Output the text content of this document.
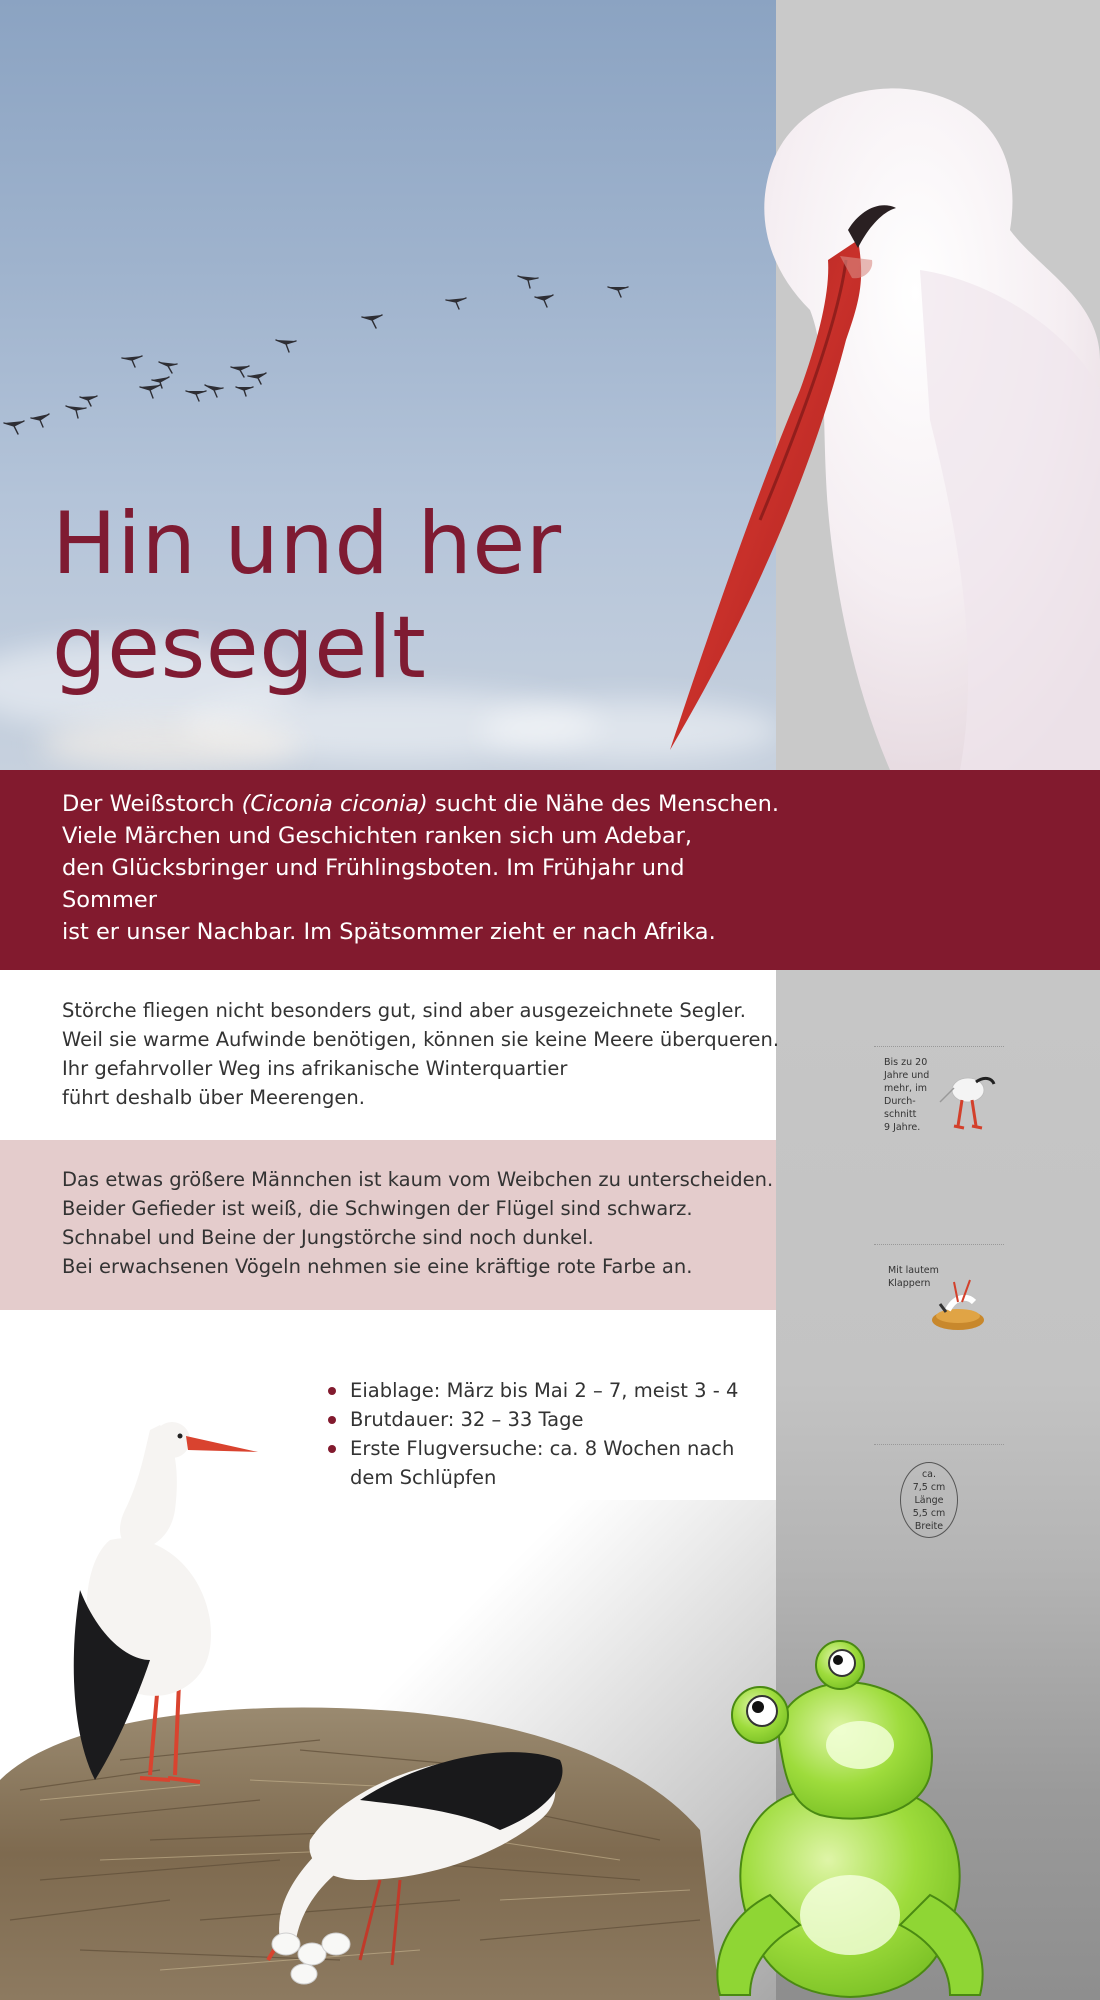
Hin und her
gesegelt

Der Weißstorch (Ciconia ciconia) sucht die Nähe des Menschen.

Viele Märchen und Geschichten ranken sich um Adebar,

den Glücksbringer und Frühlingsboten. Im Frühjahr und Sommer

ist er unser Nachbar. Im Spätsommer zieht er nach Afrika.

Störche fliegen nicht besonders gut, sind aber ausgezeichnete Segler.

Weil sie warme Aufwinde benötigen, können sie keine Meere überqueren.

Ihr gefahrvoller Weg ins afrikanische Winterquartier

führt deshalb über Meerengen.

Das etwas größere Männchen ist kaum vom Weibchen zu unterscheiden.

Beider Gefieder ist weiß, die Schwingen der Flügel sind schwarz.

Schnabel und Beine der Jungstörche sind noch dunkel.

Bei erwachsenen Vögeln nehmen sie eine kräftige rote Farbe an.

Bis zu 20
Jahre und
mehr, im
Durch-
schnitt
9 Jahre.
Mit lautem
Klappern
ca.
7,5 cm
Länge
5,5 cm
Breite
Eiablage: März bis Mai 2 – 7, meist 3 - 4
Brutdauer: 32 – 33 Tage
Erste Flugversuche: ca. 8 Wochen nach dem Schlüpfen
